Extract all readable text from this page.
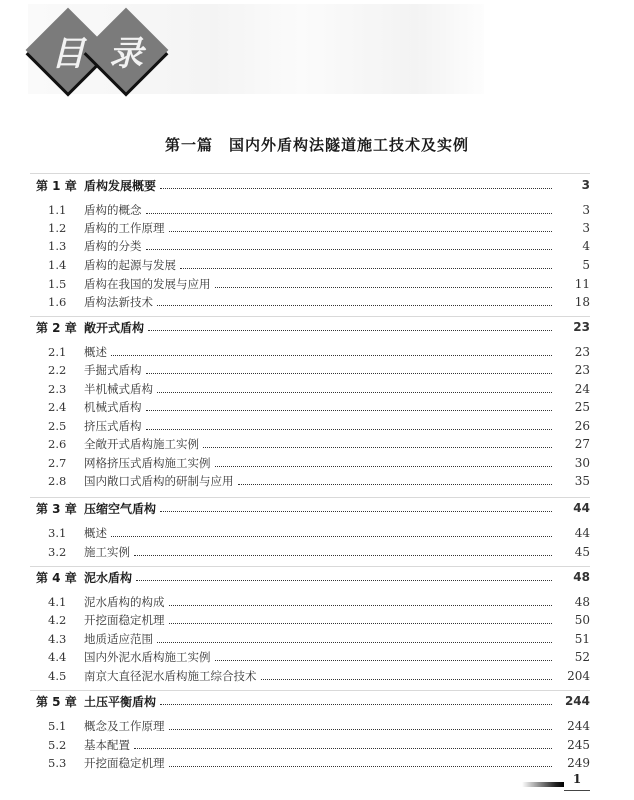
目 录
第一篇　国内外盾构法隧道施工技术及实例
第 1 章 盾构发展概要	3
1.1 盾构的概念	3
1.2 盾构的工作原理	3
1.3 盾构的分类	4
1.4 盾构的起源与发展	5
1.5 盾构在我国的发展与应用	11
1.6 盾构法新技术	18
第 2 章 敞开式盾构	23
2.1 概述	23
2.2 手掘式盾构	23
2.3 半机械式盾构	24
2.4 机械式盾构	25
2.5 挤压式盾构	26
2.6 全敞开式盾构施工实例	27
2.7 网格挤压式盾构施工实例	30
2.8 国内敞口式盾构的研制与应用	35
第 3 章 压缩空气盾构	44
3.1 概述	44
3.2 施工实例	45
第 4 章 泥水盾构	48
4.1 泥水盾构的构成	48
4.2 开挖面稳定机理	50
4.3 地质适应范围	51
4.4 国内外泥水盾构施工实例	52
4.5 南京大直径泥水盾构施工综合技术	204
第 5 章 土压平衡盾构	244
5.1 概念及工作原理	244
5.2 基本配置	245
5.3 开挖面稳定机理	249
1
